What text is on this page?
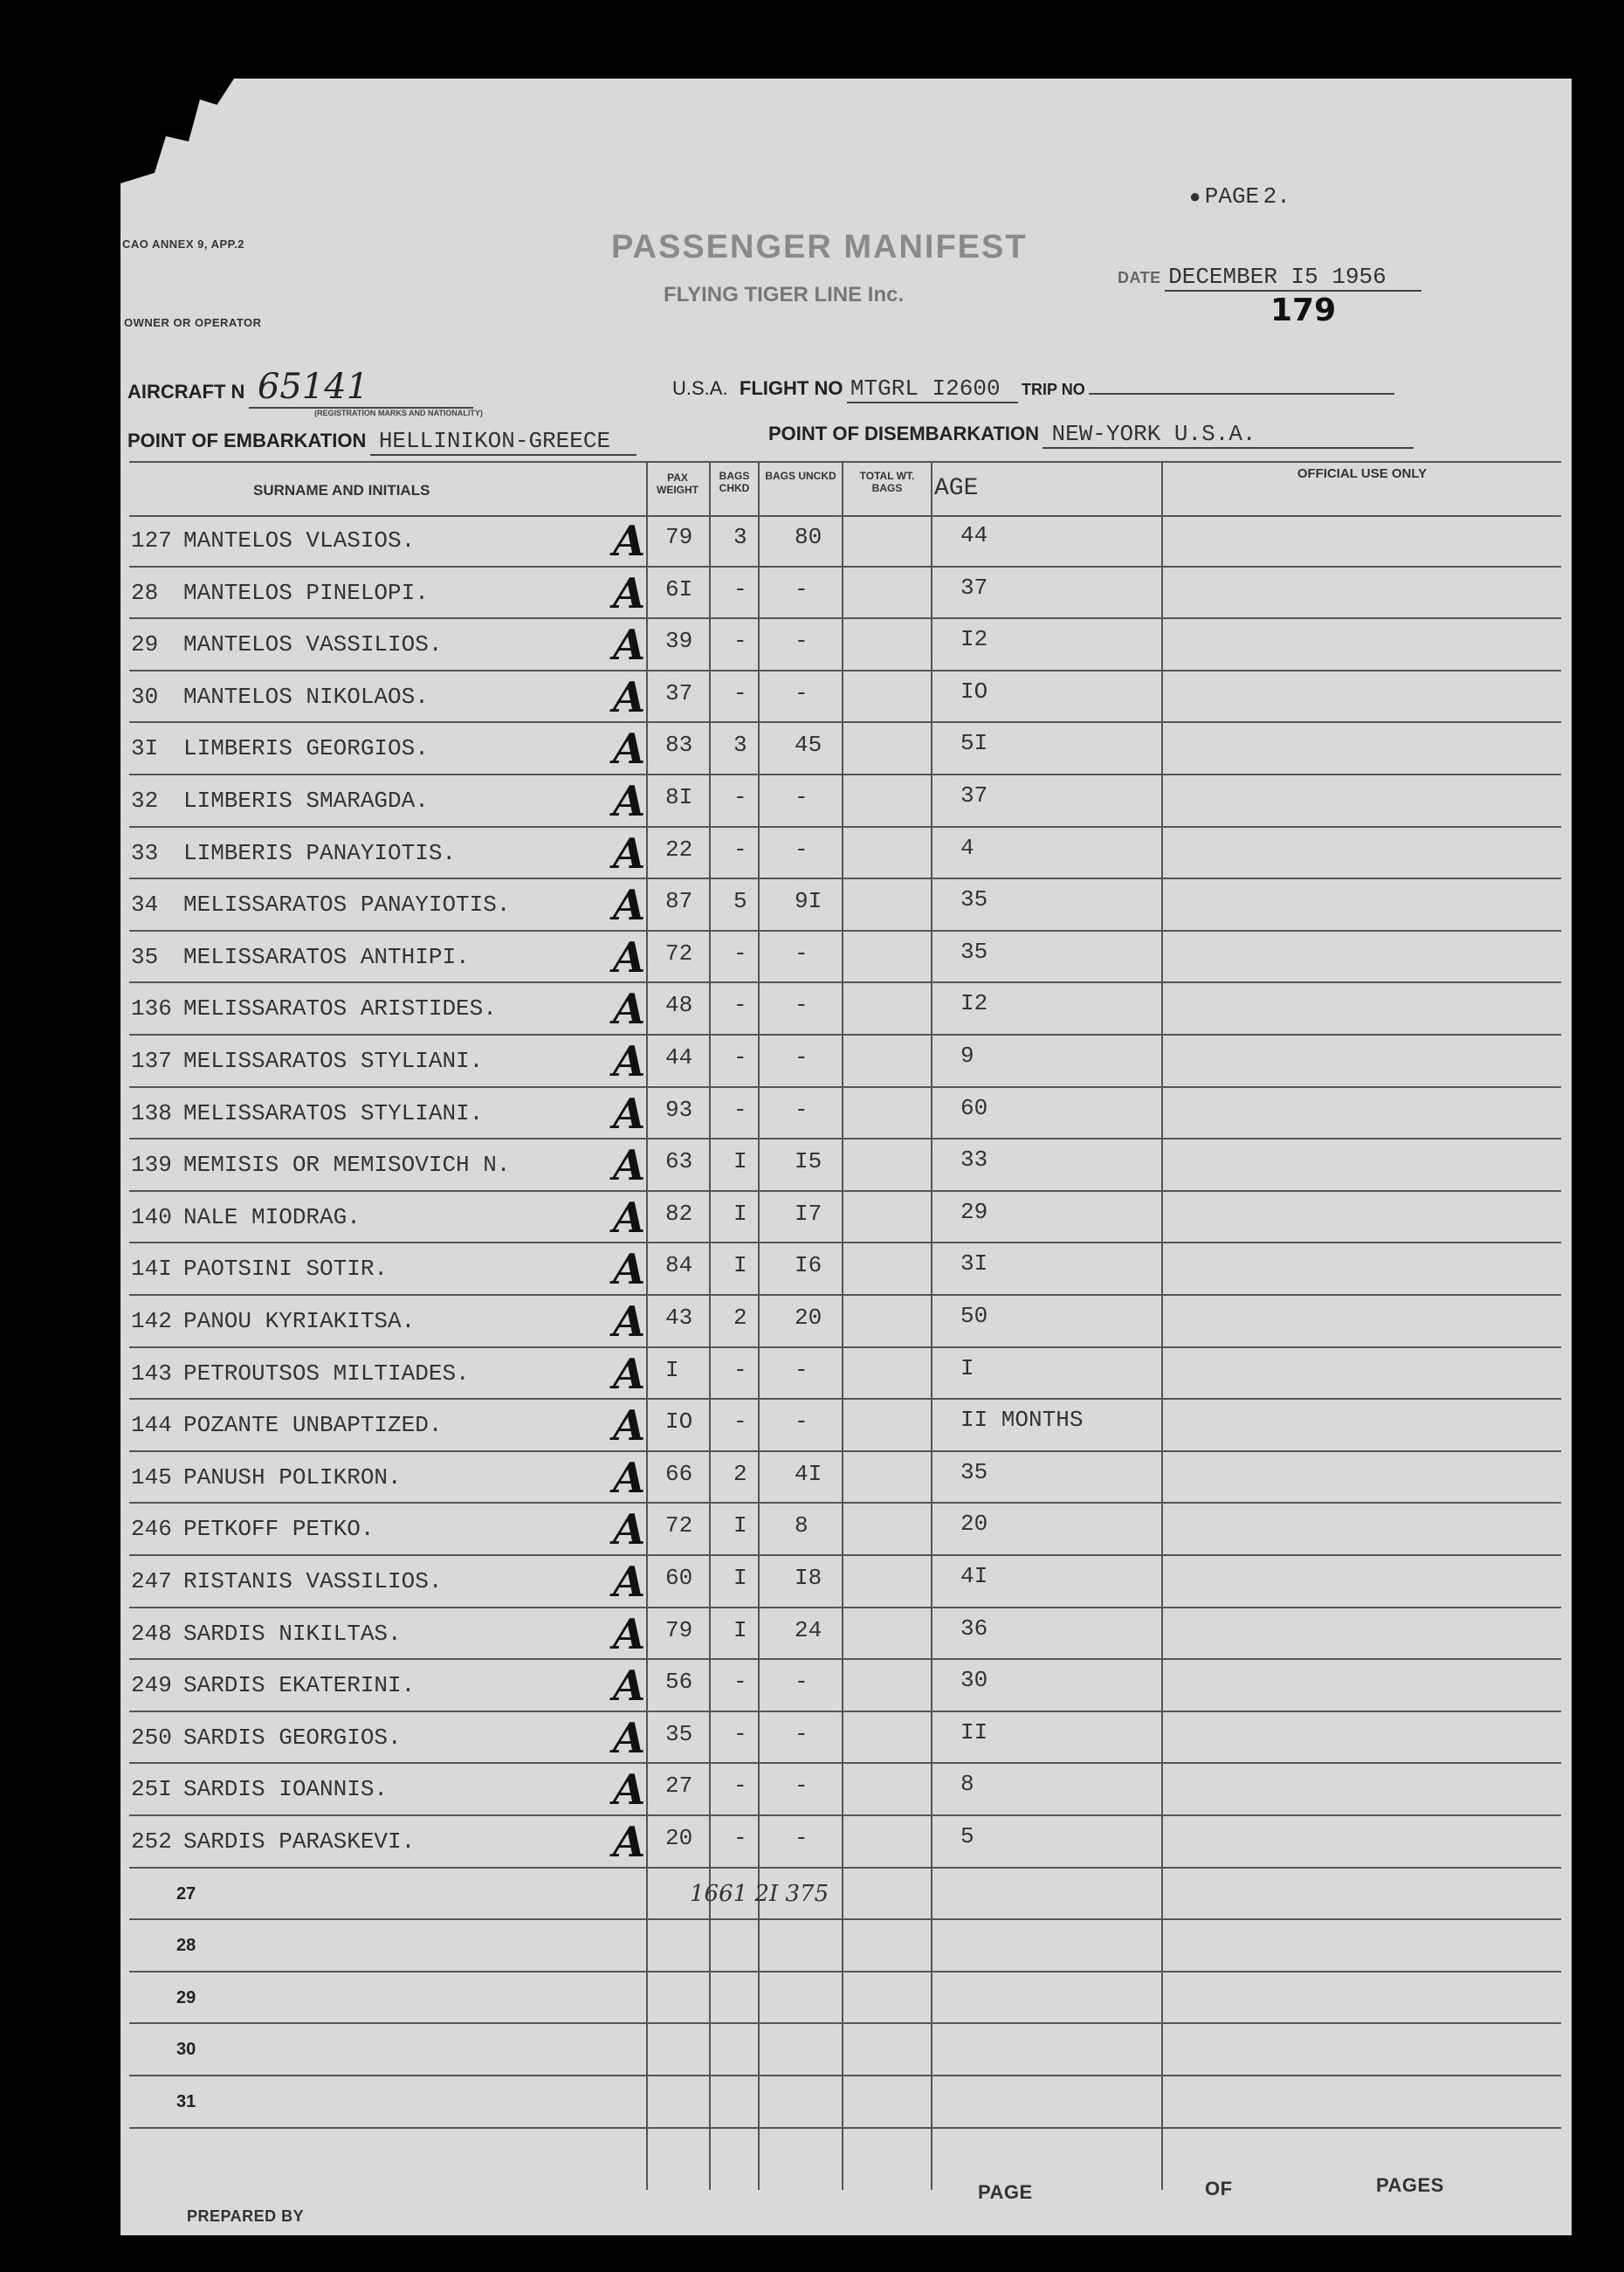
CAO ANNEX 9, APP.2
OWNER OR OPERATOR
PASSENGER MANIFEST
FLYING TIGER LINE Inc.
● PAGE 2.
DATE DECEMBER I5 1956
179
AIRCRAFT N 65141
(REGISTRATION MARKS AND NATIONALITY)
U.S.A. FLIGHT NO MTGRL I2600 TRIP NO
POINT OF EMBARKATION HELLINIKON-GREECE	POINT OF DISEMBARKATION NEW-YORK U.S.A.
SURNAME AND INITIALS
PAX WEIGHT
BAGS CHKD
BAGS UNCKD	TOTAL WT. BAGS	AGE
OFFICIAL USE ONLY
127 MANTELOS VLASIOS.	A 79 3 80	44
28 MANTELOS PINELOPI.	A 6I - -	37
29 MANTELOS VASSILIOS.	A 39 - -	I2
30 MANTELOS NIKOLAOS.	A 37 - -	IO
3I LIMBERIS GEORGIOS.	A 83 3 45	5I
32 LIMBERIS SMARAGDA.	A 8I - -	37
33 LIMBERIS PANAYIOTIS.	A 22 - -	4
34 MELISSARATOS PANAYIOTIS. A 87 5 9I	35
35 MELISSARATOS ANTHIPI.	A 72 - -	35
136 MELISSARATOS ARISTIDES.	A 48 - -	I2
137 MELISSARATOS STYLIANI.	A 44 - -	9
138 MELISSARATOS STYLIANI.	A 93 - -	60
139 MEMISIS OR MEMISOVICH N. A 63 I I5	33
140 NALE MIODRAG.	A 82 I I7	29
14I PAOTSINI SOTIR.	A 84 I I6	3I
142 PANOU KYRIAKITSA.	A 43 2 20	50
143 PETROUTSOS MILTIADES.	A I - -	I
144 POZANTE UNBAPTIZED.	A IO - -	II MONTHS
145 PANUSH POLIKRON.	A 66 2 4I	35
246 PETKOFF PETKO.	A 72 I 8	20
247 RISTANIS VASSILIOS.	A 60 I I8	4I
248 SARDIS NIKILTAS.	A 79 I 24	36
249 SARDIS EKATERINI.	A 56 - -	30
250 SARDIS GEORGIOS.	A 35 - -	II
25I SARDIS IOANNIS.	A 27 - -	8
252 SARDIS PARASKEVI.	A 20 - -	5
27	1661 2I 375
28
29
30
31
PREPARED BY
PAGE	OF	PAGES
